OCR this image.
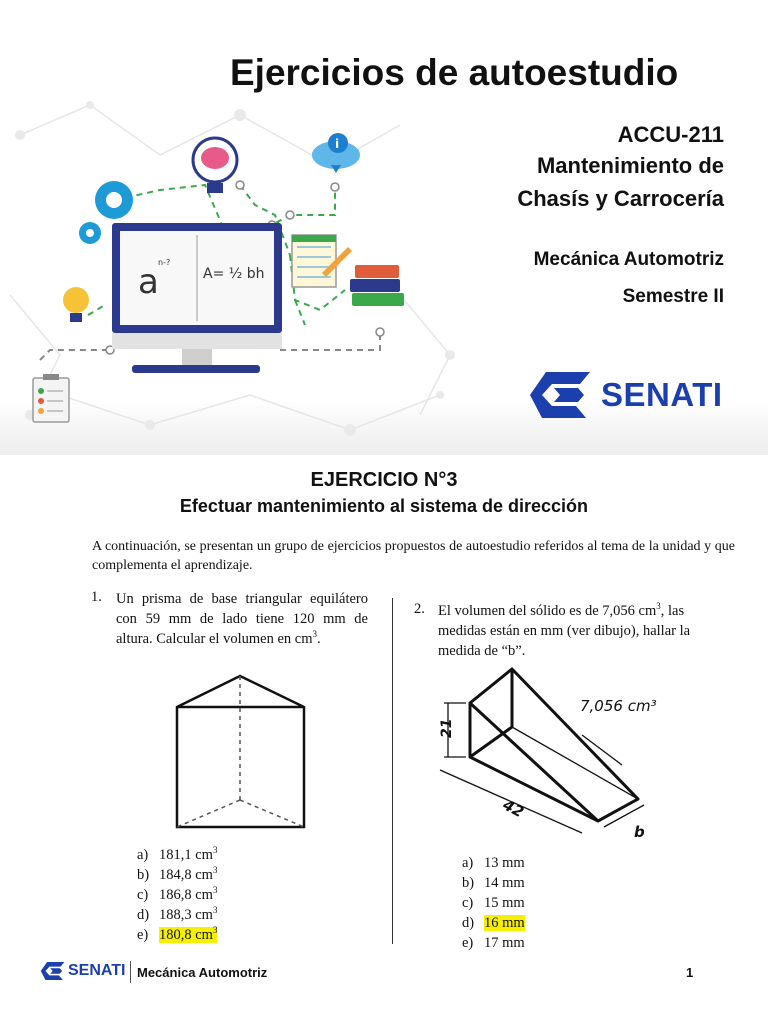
a n-?
A= ½ bh
i
Ejercicios de autoestudio
ACCU-211
Mantenimiento de
Chasís y Carrocería
Mecánica Automotriz
Semestre II
SENATI
EJERCICIO N°3
Efectuar mantenimiento al sistema de dirección
A continuación, se presentan un grupo de ejercicios propuestos de autoestudio referidos al tema de la unidad y que complementa el aprendizaje.
1. Un prisma de base triangular equilátero con 59 mm de lado tiene 120 mm de altura. Calcular el volumen en $cm^3$.
a) 181,1 $cm^3$
b) 184,8 $cm^3$
c) 186,8 $cm^3$
d) 188,3 $cm^3$
e) 180,8 $cm^3$
2. El volumen del sólido es de 7,056 $cm^3$, las medidas están en mm (ver dibujo), hallar la medida de “b”.
21
42
7,056 cm³
b
a) 13 mm
b) 14 mm
c) 15 mm
d) 16 mm
e) 17 mm
SENATI Mecánica Automotriz	1
